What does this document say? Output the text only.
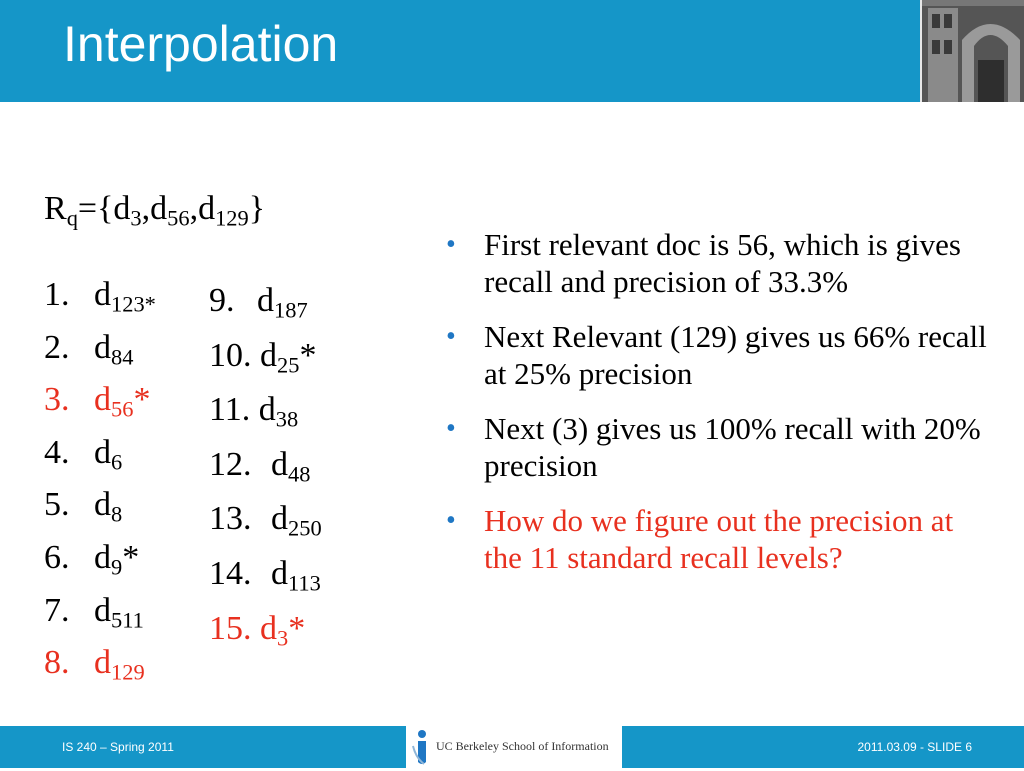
Interpolation
$R_q=\{d_3,d_{56},d_{129}\}$
1. $d_{123*}$
2. $d_{84}$
3. $d_{56}*$
4. $d_6$
5. $d_8$
6. $d_9*$
7. $d_{511}$
8. $d_{129}$
9. $d_{187}$
10. $d_{25}*$
11. $d_{38}$
12. $d_{48}$
13. $d_{250}$
14. $d_{113}$
15. $d_3*$
• First relevant doc is 56, which is gives recall and precision of 33.3%
• Next Relevant (129) gives us 66% recall at 25% precision
• Next (3) gives us 100% recall with 20% precision
• How do we figure out the precision at the 11 standard recall levels?
IS 240 – Spring 2011	UC Berkeley School of Information	2011.03.09 - SLIDE 6
